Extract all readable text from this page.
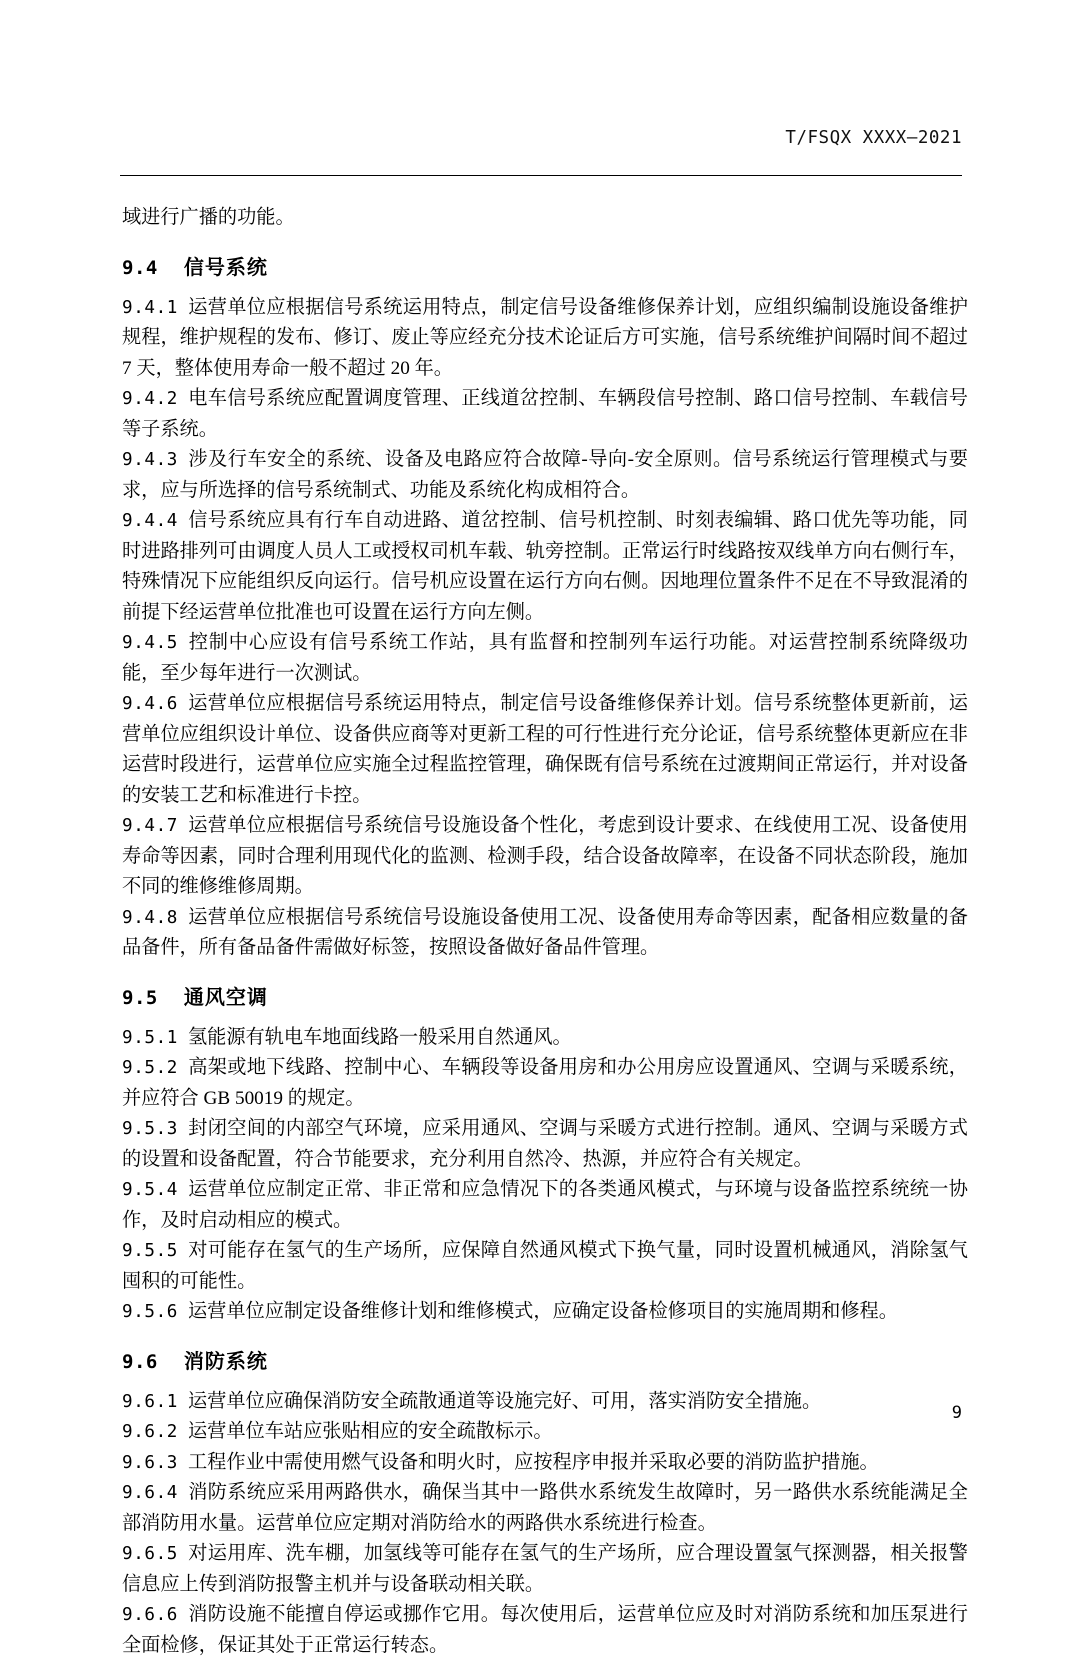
T/FSQX XXXX—2021

域进行广播的功能。

9.4 信号系统

9.4.1 运营单位应根据信号系统运用特点，制定信号设备维修保养计划，应组织编制设施设备维护规程，维护规程的发布、修订、废止等应经充分技术论证后方可实施，信号系统维护间隔时间不超过 7 天，整体使用寿命一般不超过 20 年。

9.4.2 电车信号系统应配置调度管理、正线道岔控制、车辆段信号控制、路口信号控制、车载信号等子系统。

9.4.3 涉及行车安全的系统、设备及电路应符合故障-导向-安全原则。信号系统运行管理模式与要求，应与所选择的信号系统制式、功能及系统化构成相符合。

9.4.4 信号系统应具有行车自动进路、道岔控制、信号机控制、时刻表编辑、路口优先等功能，同时进路排列可由调度人员人工或授权司机车载、轨旁控制。正常运行时线路按双线单方向右侧行车，特殊情况下应能组织反向运行。信号机应设置在运行方向右侧。因地理位置条件不足在不导致混淆的前提下经运营单位批准也可设置在运行方向左侧。

9.4.5 控制中心应设有信号系统工作站，具有监督和控制列车运行功能。对运营控制系统降级功能，至少每年进行一次测试。

9.4.6 运营单位应根据信号系统运用特点，制定信号设备维修保养计划。信号系统整体更新前，运营单位应组织设计单位、设备供应商等对更新工程的可行性进行充分论证，信号系统整体更新应在非运营时段进行，运营单位应实施全过程监控管理，确保既有信号系统在过渡期间正常运行，并对设备的安装工艺和标准进行卡控。

9.4.7 运营单位应根据信号系统信号设施设备个性化，考虑到设计要求、在线使用工况、设备使用寿命等因素，同时合理利用现代化的监测、检测手段，结合设备故障率，在设备不同状态阶段，施加不同的维修维修周期。

9.4.8 运营单位应根据信号系统信号设施设备使用工况、设备使用寿命等因素，配备相应数量的备品备件，所有备品备件需做好标签，按照设备做好备品件管理。

9.5 通风空调

9.5.1 氢能源有轨电车地面线路一般采用自然通风。

9.5.2 高架或地下线路、控制中心、车辆段等设备用房和办公用房应设置通风、空调与采暖系统，并应符合 GB 50019 的规定。

9.5.3 封闭空间的内部空气环境，应采用通风、空调与采暖方式进行控制。通风、空调与采暖方式的设置和设备配置，符合节能要求，充分利用自然冷、热源，并应符合有关规定。

9.5.4 运营单位应制定正常、非正常和应急情况下的各类通风模式，与环境与设备监控系统统一协作，及时启动相应的模式。

9.5.5 对可能存在氢气的生产场所，应保障自然通风模式下换气量，同时设置机械通风，消除氢气囤积的可能性。

9.5.6 运营单位应制定设备维修计划和维修模式，应确定设备检修项目的实施周期和修程。

9.6 消防系统

9.6.1 运营单位应确保消防安全疏散通道等设施完好、可用，落实消防安全措施。

9.6.2 运营单位车站应张贴相应的安全疏散标示。

9.6.3 工程作业中需使用燃气设备和明火时，应按程序申报并采取必要的消防监护措施。

9.6.4 消防系统应采用两路供水，确保当其中一路供水系统发生故障时，另一路供水系统能满足全部消防用水量。运营单位应定期对消防给水的两路供水系统进行检查。

9.6.5 对运用库、洗车棚，加氢线等可能存在氢气的生产场所，应合理设置氢气探测器，相关报警信息应上传到消防报警主机并与设备联动相关联。

9.6.6 消防设施不能擅自停运或挪作它用。每次使用后，运营单位应及时对消防系统和加压泵进行全面检修，保证其处于正常运行转态。

9
